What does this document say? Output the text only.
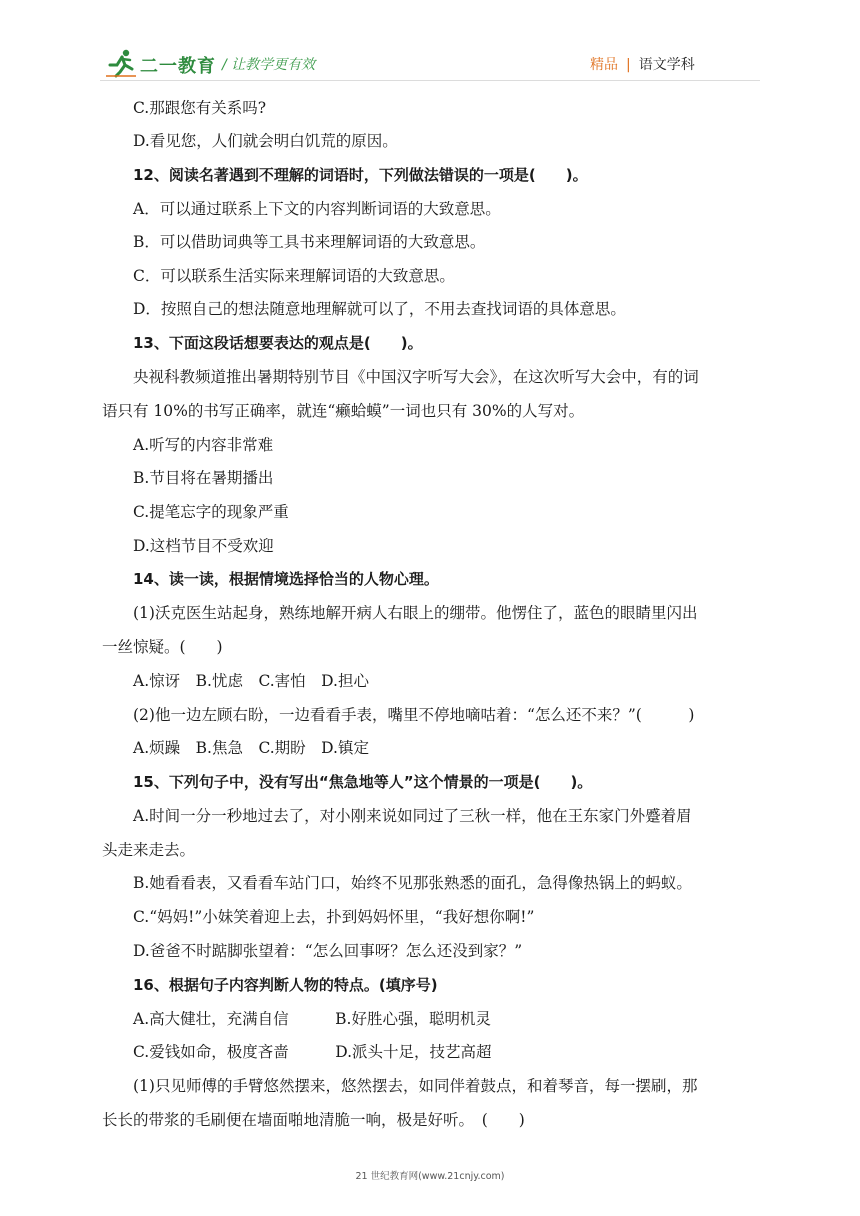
二一教育 / 让教学更有效	精品 | 语文学科
C.那跟您有关系吗?
D.看见您，人们就会明白饥荒的原因。
12、阅读名著遇到不理解的词语时，下列做法错误的一项是(　　)。
A．可以通过联系上下文的内容判断词语的大致意思。
B．可以借助词典等工具书来理解词语的大致意思。
C．可以联系生活实际来理解词语的大致意思。
D．按照自己的想法随意地理解就可以了，不用去查找词语的具体意思。
13、下面这段话想要表达的观点是(　　)。
央视科教频道推出暑期特别节目《中国汉字听写大会》，在这次听写大会中，有的词
语只有 10%的书写正确率，就连“癞蛤蟆”一词也只有 30%的人写对。
A.听写的内容非常难
B.节目将在暑期播出
C.提笔忘字的现象严重
D.这档节目不受欢迎
14、读一读，根据情境选择恰当的人物心理。
(1)沃克医生站起身，熟练地解开病人右眼上的绷带。他愣住了，蓝色的眼睛里闪出
一丝惊疑。(　　)
A.惊讶　B.忧虑　C.害怕　D.担心
(2)他一边左顾右盼，一边看看手表，嘴里不停地嘀咕着：“怎么还不来？”(　　　)
A.烦躁　B.焦急　C.期盼　D.镇定
15、下列句子中，没有写出“焦急地等人”这个情景的一项是(　　)。
A.时间一分一秒地过去了，对小刚来说如同过了三秋一样，他在王东家门外蹙着眉
头走来走去。
B.她看看表，又看看车站门口，始终不见那张熟悉的面孔，急得像热锅上的蚂蚁。
C.“妈妈!”小妹笑着迎上去，扑到妈妈怀里，“我好想你啊!”
D.爸爸不时踮脚张望着：“怎么回事呀？怎么还没到家？”
16、根据句子内容判断人物的特点。(填序号)
A.高大健壮，充满自信　　　B.好胜心强，聪明机灵
C.爱钱如命，极度吝啬　　　D.派头十足，技艺高超
(1)只见师傅的手臂悠然摆来，悠然摆去，如同伴着鼓点，和着琴音，每一摆刷，那
长长的带浆的毛刷便在墙面啪地清脆一响，极是好听。　(　　)
21 世纪教育网(www.21cnjy.com)
